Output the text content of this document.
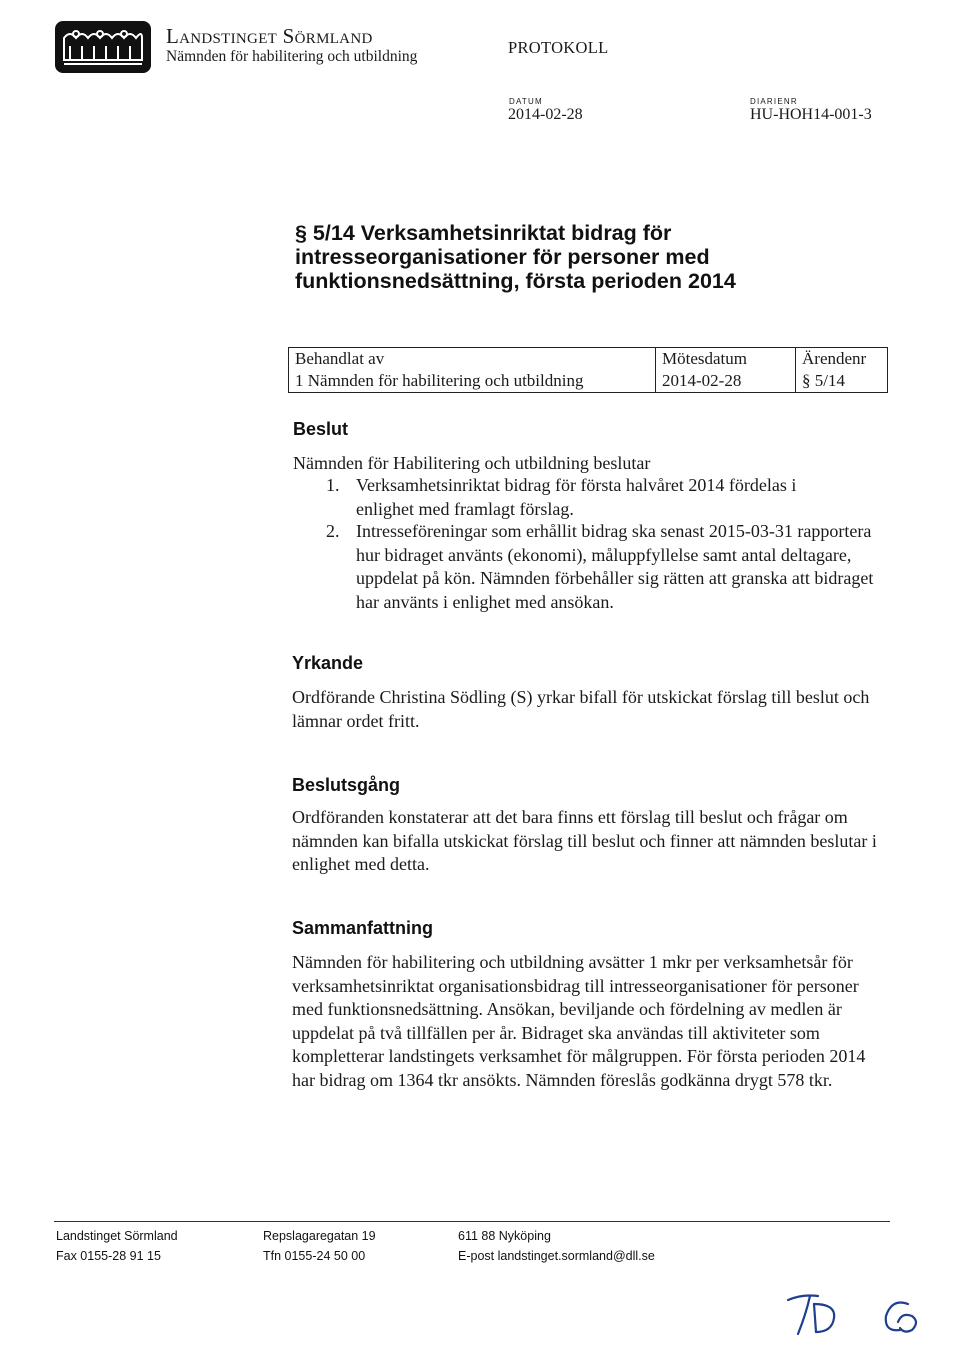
Landstinget Sörmland
Nämnden för habilitering och utbildning	PROTOKOLL
DATUM
2014-02-28
DIARIENR
HU-HOH14-001-3
§ 5/14 Verksamhetsinriktat bidrag för intresseorganisationer för personer med funktionsnedsättning, första perioden 2014
Behandlat av	Mötesdatum	Ärendenr
1 Nämnden för habilitering och utbildning	2014-02-28	§ 5/14
Beslut
Nämnden för Habilitering och utbildning beslutar
1. Verksamhetsinriktat bidrag för första halvåret 2014 fördelas i enlighet med framlagt förslag.
2. Intresseföreningar som erhållit bidrag ska senast 2015-03-31 rapportera hur bidraget använts (ekonomi), måluppfyllelse samt antal deltagare, uppdelat på kön. Nämnden förbehåller sig rätten att granska att bidraget har använts i enlighet med ansökan.
Yrkande
Ordförande Christina Södling (S) yrkar bifall för utskickat förslag till beslut och lämnar ordet fritt.
Beslutsgång
Ordföranden konstaterar att det bara finns ett förslag till beslut och frågar om nämnden kan bifalla utskickat förslag till beslut och finner att nämnden beslutar i enlighet med detta.
Sammanfattning
Nämnden för habilitering och utbildning avsätter 1 mkr per verksamhetsår för verksamhetsinriktat organisationsbidrag till intresseorganisationer för personer med funktionsnedsättning. Ansökan, beviljande och fördelning av medlen är uppdelat på två tillfällen per år. Bidraget ska användas till aktiviteter som kompletterar landstingets verksamhet för målgruppen. För första perioden 2014 har bidrag om 1364 tkr ansökts. Nämnden föreslås godkänna drygt 578 tkr.
Landstinget Sörmland
Fax 0155-28 91 15
Repslagaregatan 19
Tfn 0155-24 50 00
611 88 Nyköping
E-post landstinget.sormland@dll.se
